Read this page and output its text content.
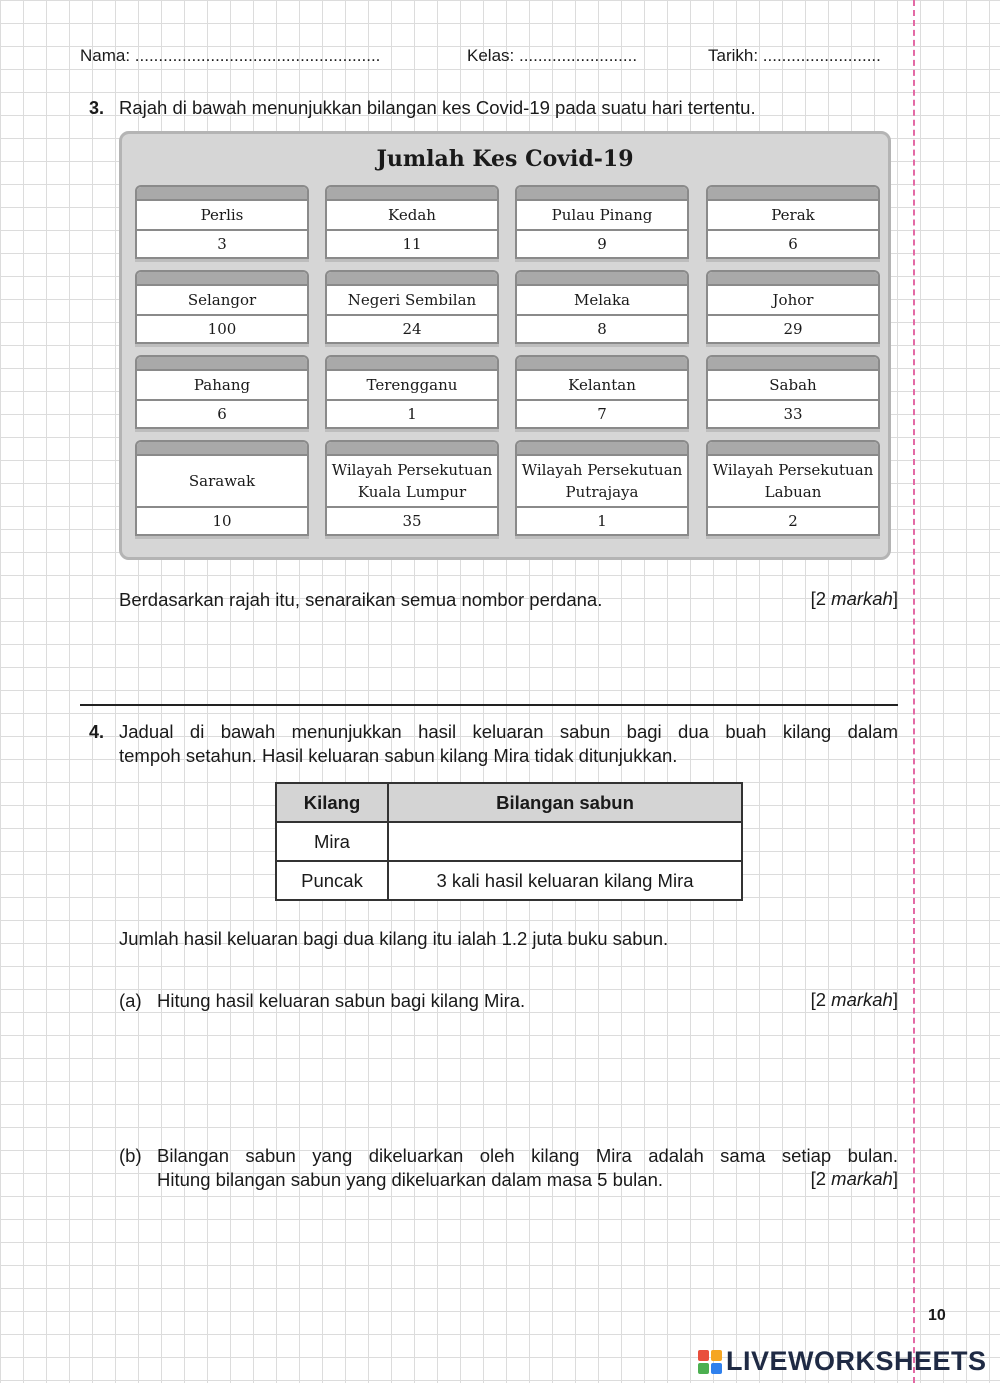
Nama: ....................................................	Kelas: .........................	Tarikh: .........................
3. Rajah di bawah menunjukkan bilangan kes Covid-19 pada suatu hari tertentu.
Jumlah Kes Covid-19
Perlis
3
Kedah
11
Pulau Pinang
9
Perak
6
Selangor
100
Negeri Sembilan
24
Melaka
8
Johor
29
Pahang
6
Terengganu
1
Kelantan
7
Sabah
33
Sarawak
10
Wilayah Persekutuan Kuala Lumpur
35
Wilayah Persekutuan Putrajaya
1
Wilayah Persekutuan Labuan
2
Berdasarkan rajah itu, senaraikan semua nombor perdana.	[2 markah]
4. Jadual di bawah menunjukkan hasil keluaran sabun bagi dua buah kilang dalam
tempoh setahun. Hasil keluaran sabun kilang Mira tidak ditunjukkan.
Kilang	Bilangan sabun
Mira	
Puncak	3 kali hasil keluaran kilang Mira
Jumlah hasil keluaran bagi dua kilang itu ialah 1.2 juta buku sabun.
(a) Hitung hasil keluaran sabun bagi kilang Mira.	[2 markah]
(b) Bilangan sabun yang dikeluarkan oleh kilang Mira adalah sama setiap bulan.
Hitung bilangan sabun yang dikeluarkan dalam masa 5 bulan.	[2 markah]
10
LIVEWORKSHEETS
